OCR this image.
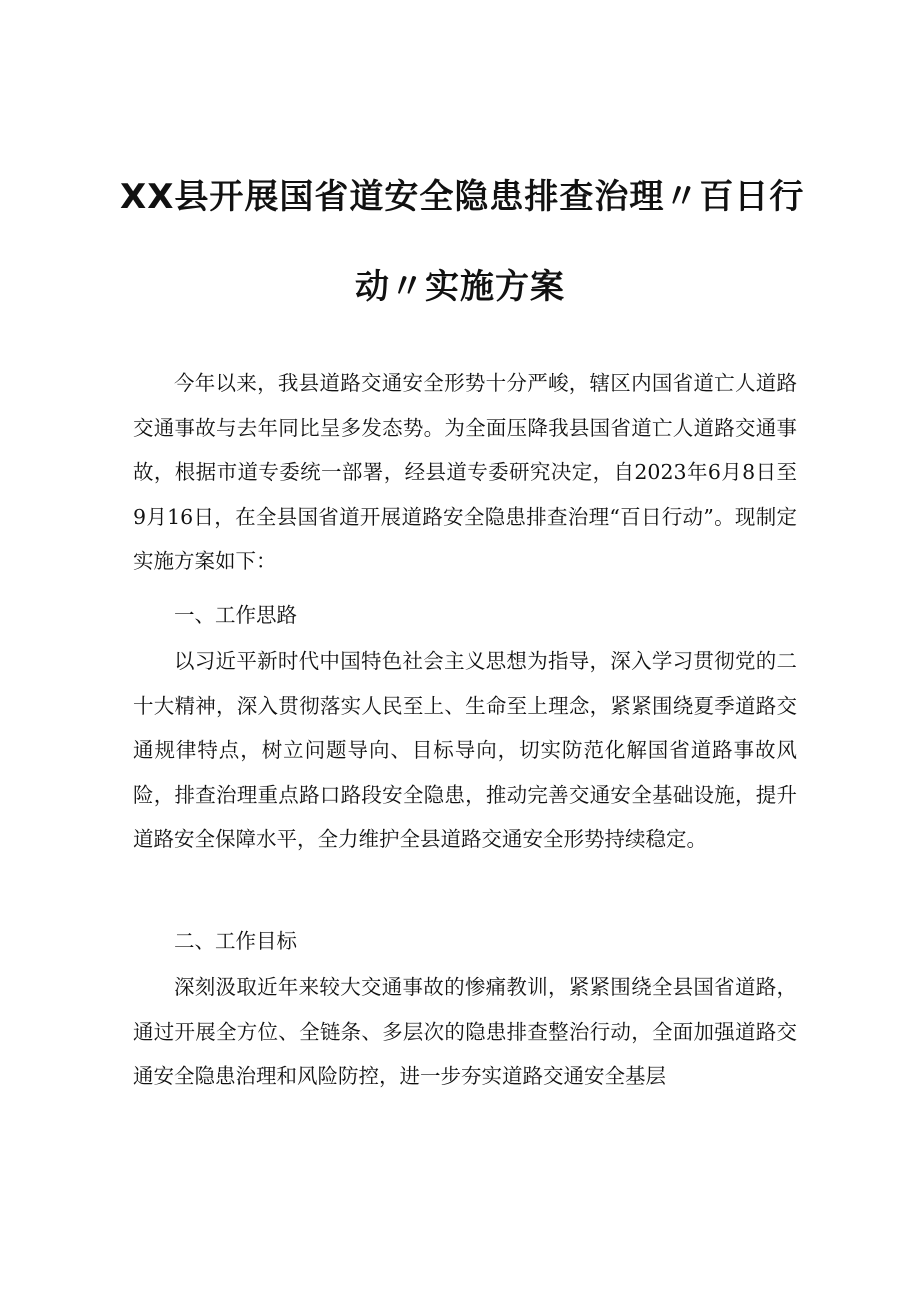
XX县开展国省道安全隐患排查治理〃百日行
动〃实施方案

今年以来，我县道路交通安全形势十分严峻，辖区内国省道亡人道路交通事故与去年同比呈多发态势。为全面压降我县国省道亡人道路交通事故，根据市道专委统一部署，经县道专委研究决定，自2023年6月8日至9月16日，在全县国省道开展道路安全隐患排查治理“百日行动”。现制定实施方案如下：

一、工作思路

以习近平新时代中国特色社会主义思想为指导，深入学习贯彻党的二十大精神，深入贯彻落实人民至上、生命至上理念，紧紧围绕夏季道路交通规律特点，树立问题导向、目标导向，切实防范化解国省道路事故风险，排查治理重点路口路段安全隐患，推动完善交通安全基础设施，提升道路安全保障水平，全力维护全县道路交通安全形势持续稳定。

二、工作目标

深刻汲取近年来较大交通事故的惨痛教训，紧紧围绕全县国省道路，通过开展全方位、全链条、多层次的隐患排查整治行动，全面加强道路交通安全隐患治理和风险防控，进一步夯实道路交通安全基层
